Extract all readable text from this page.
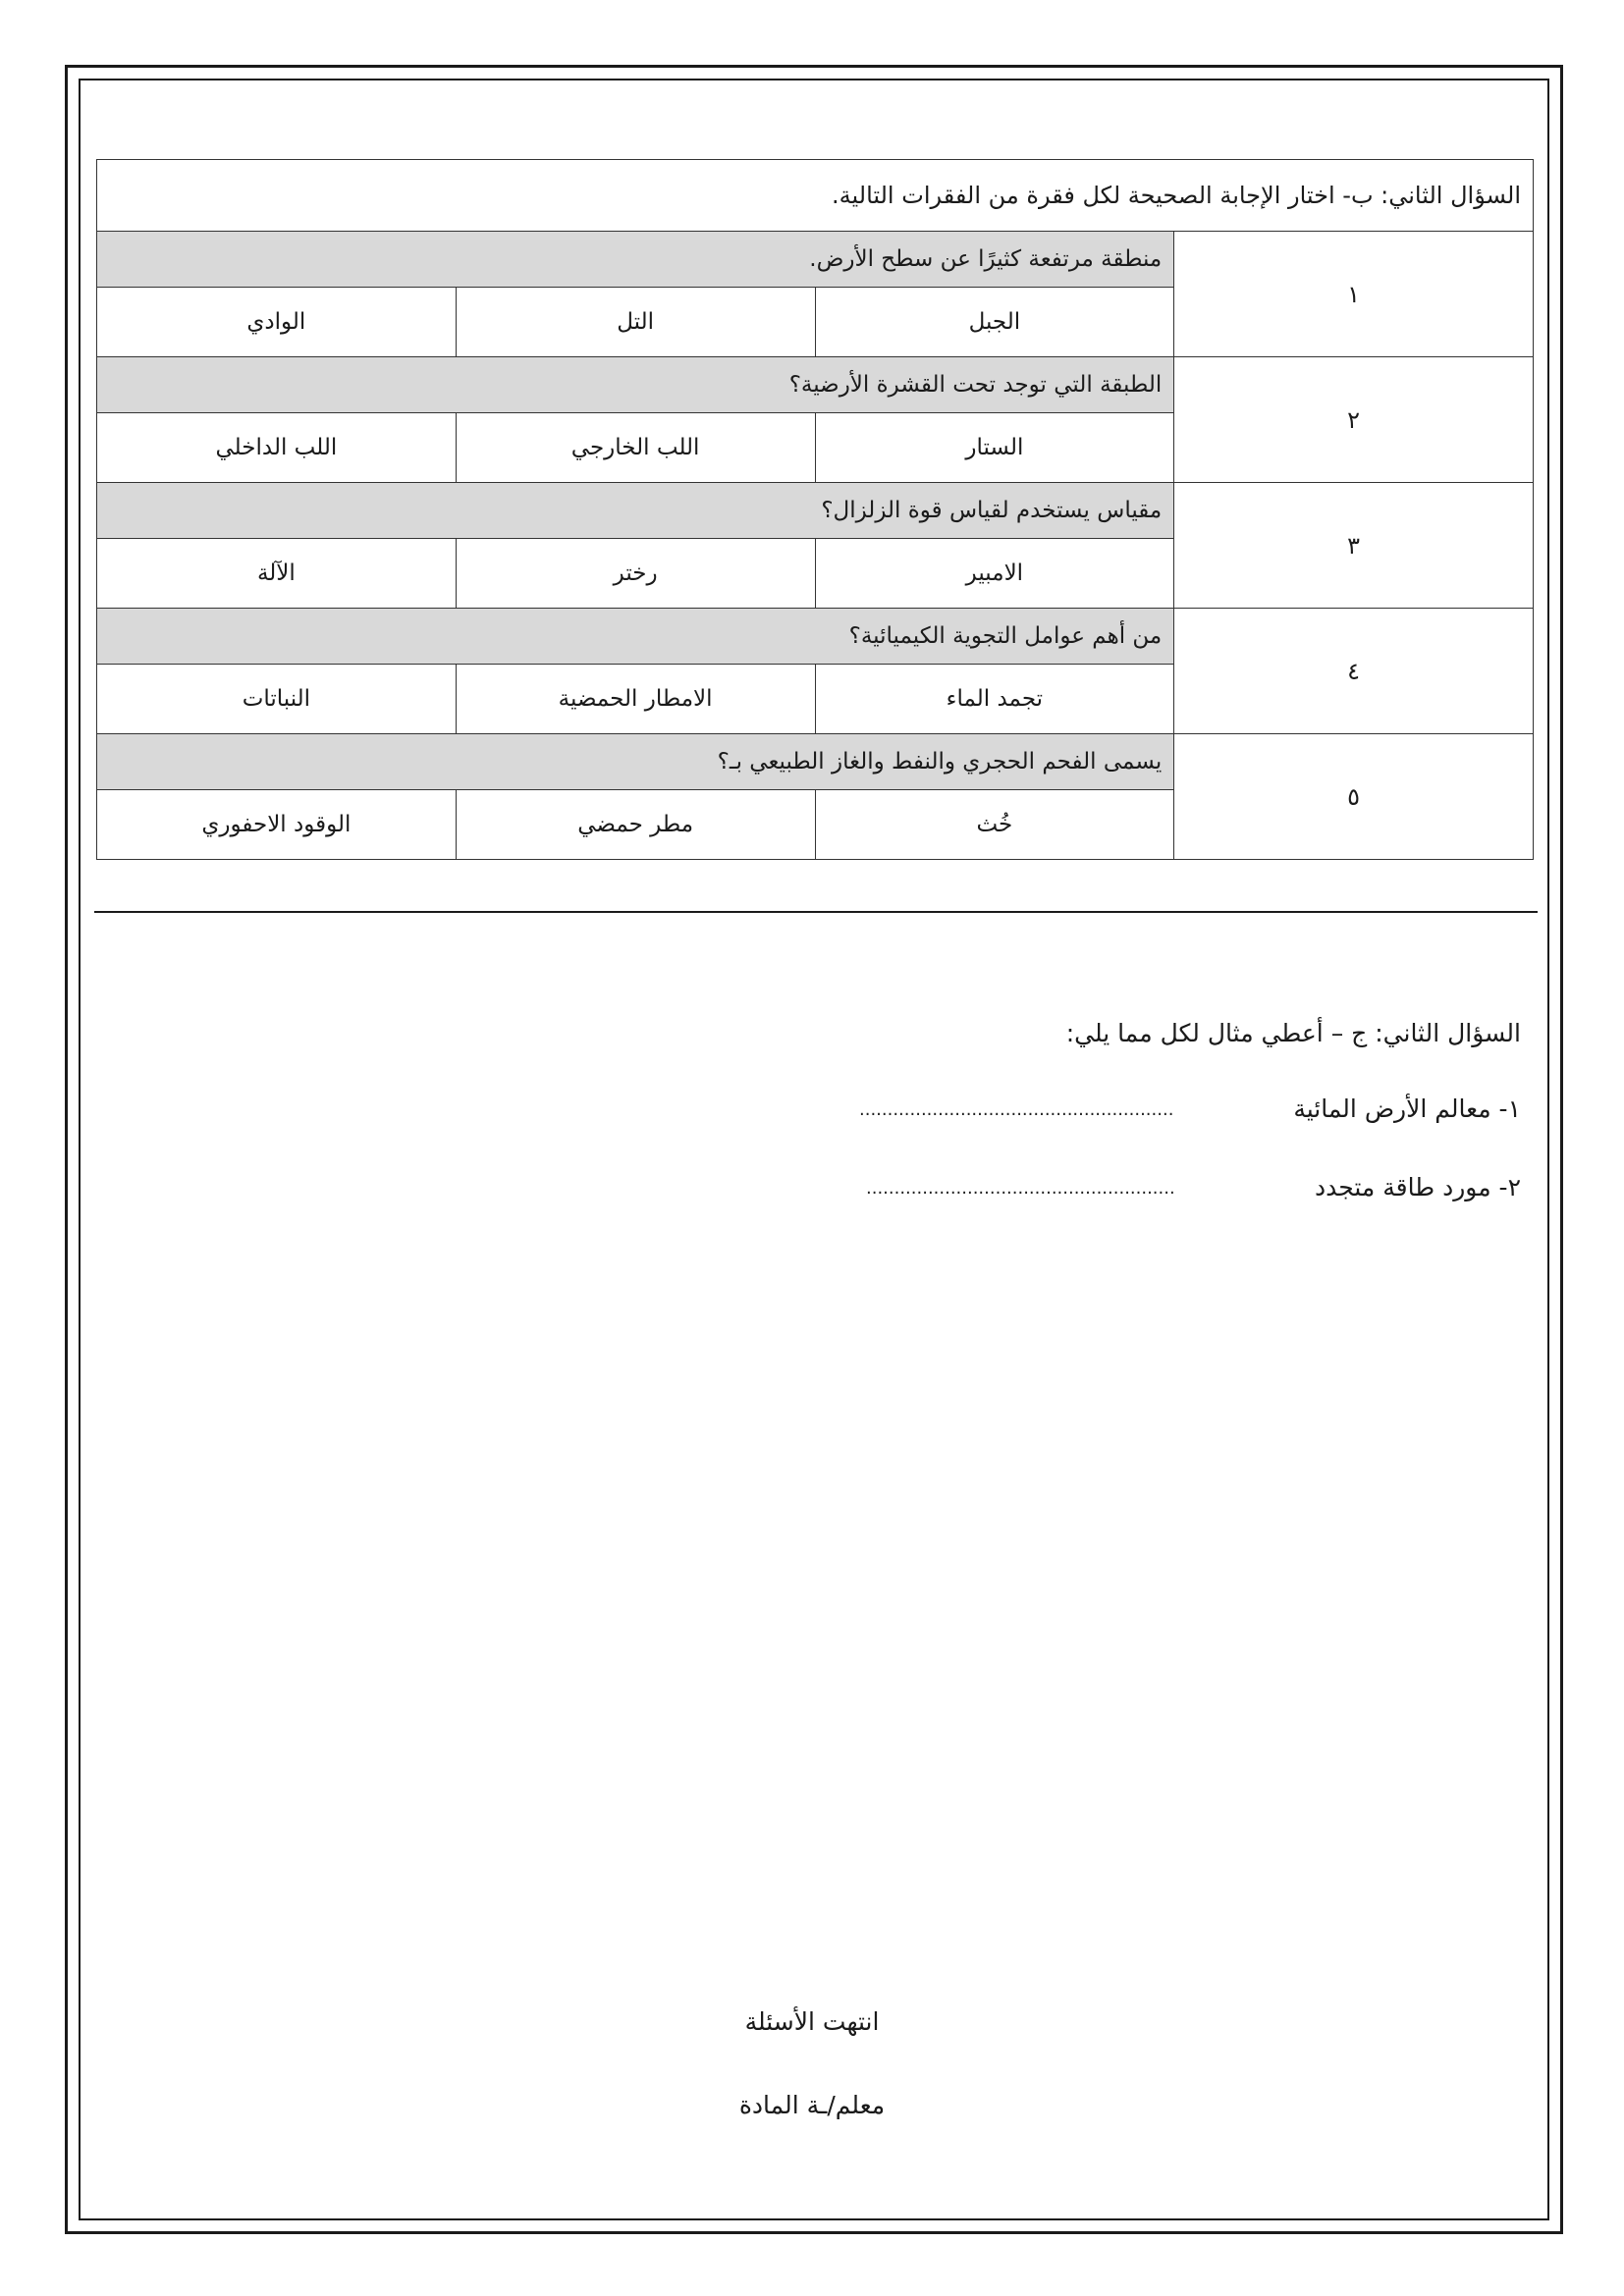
السؤال الثاني: ب- اختار الإجابة الصحيحة لكل فقرة من الفقرات التالية.			
١	منطقة مرتفعة كثيرًا عن سطح الأرض.		
	الجبل	التل	الوادي
٢	الطبقة التي توجد تحت القشرة الأرضية؟		
	الستار	اللب الخارجي	اللب الداخلي
٣	مقياس يستخدم لقياس قوة الزلزال؟		
	الامبير	رختر	الآلة
٤	من أهم عوامل التجوية الكيميائية؟		
	تجمد الماء	الامطار الحمضية	النباتات
٥	يسمى الفحم الحجري والنفط والغاز الطبيعي بـ؟		
	خُث	مطر حمضي	الوقود الاحفوري
السؤال الثاني: ج – أعطي مثال لكل مما يلي:
١- معالم الأرض المائية
........................................................
٢- مورد طاقة متجدد
.......................................................
انتهت الأسئلة
معلم/ـة المادة
